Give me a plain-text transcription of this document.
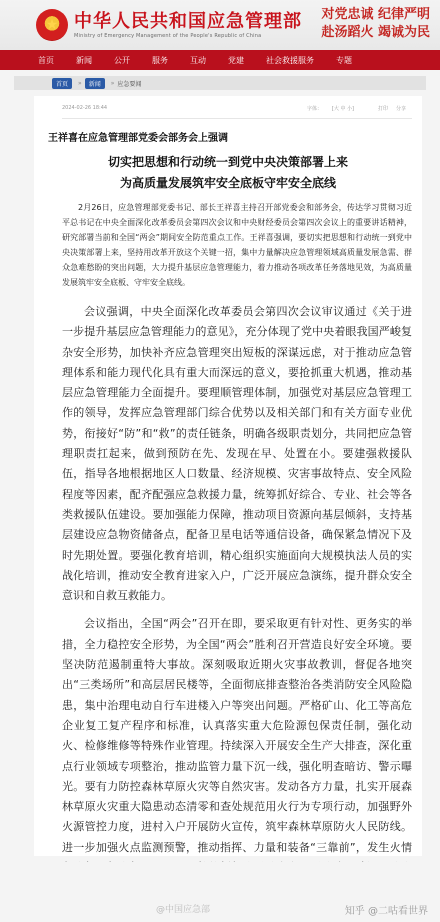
★ 中华人民共和国应急管理部
Ministry of Emergency Management of the People's Republic of China
对党忠诚 纪律严明
赴汤蹈火 竭诚为民
首页	新闻	公开	服务	互动	党建	社会救援服务	专题
首页	»	新闻	» 应急要闻
2024-02-26 18:44	字体： [大 中 小]	打印 分享
王祥喜在应急管理部党委会部务会上强调
切实把思想和行动统一到党中央决策部署上来
为高质量发展筑牢安全底板守牢安全底线

2月26日，应急管理部党委书记、部长王祥喜主持召开部党委会和部务会，传达学习贯彻习近平总书记在中央全面深化改革委员会第四次会议和中央财经委员会第四次会议上的重要讲话精神，研究部署当前和全国“两会”期间安全防范重点工作。王祥喜强调，要切实把思想和行动统一到党中央决策部署上来，坚持用改革开放这个关键一招，集中力量解决应急管理领域高质量发展急需、群众急难愁盼的突出问题，大力提升基层应急管理能力，着力推动各项改革任务落地见效，为高质量发展筑牢安全底板、守牢安全底线。

会议强调，中央全面深化改革委员会第四次会议审议通过《关于进一步提升基层应急管理能力的意见》，充分体现了党中央着眼我国严峻复杂安全形势，加快补齐应急管理突出短板的深谋远虑，对于推动应急管理体系和能力现代化具有重大而深远的意义，要抢抓重大机遇，推动基层应急管理能力全面提升。要理顺管理体制，加强党对基层应急管理工作的领导，发挥应急管理部门综合优势以及相关部门和有关方面专业优势，衔接好“防”和“救”的责任链条，明确各级职责划分，共同把应急管理职责扛起来，做到预防在先、发现在早、处置在小。要建强救援队伍，指导各地根据地区人口数量、经济规模、灾害事故特点、安全风险程度等因素，配齐配强应急救援力量，统筹抓好综合、专业、社会等各类救援队伍建设。要加强能力保障，推动项目资源向基层倾斜，支持基层建设应急物资储备点，配备卫星电话等通信设备，确保紧急情况下及时先期处置。要强化教育培训，精心组织实施面向大规模执法人员的实战化培训，推动安全教育进家入户，广泛开展应急演练，提升群众安全意识和自救互救能力。

会议指出，全国“两会”召开在即，要采取更有针对性、更务实的举措，全力稳控安全形势，为全国“两会”胜利召开营造良好安全环境。要坚决防范遏制重特大事故。深刻吸取近期火灾事故教训，督促各地突出“三类场所”和高层居民楼等，全面彻底排查整治各类消防安全风险隐患，集中治理电动自行车进楼入户等突出问题。严格矿山、化工等高危企业复工复产程序和标准，认真落实重大危险源包保责任制，强化动火、检修维修等特殊作业管理。持续深入开展安全生产大排查，深化重点行业领域专项整治，推动监管力量下沉一线，强化明查暗访、警示曝光。要有力防控森林草原火灾等自然灾害。发动各方力量，扎实开展森林草原火灾重大隐患动态清零和查处规范用火行为专项行动，加强野外火源管控力度，进村入户开展防火宣传，筑牢森林草原防火人民防线。进一步加强火点监测预警，推动指挥、力量和装备“三靠前”，发生火情

@中国应急部	知乎 @二咕看世界
